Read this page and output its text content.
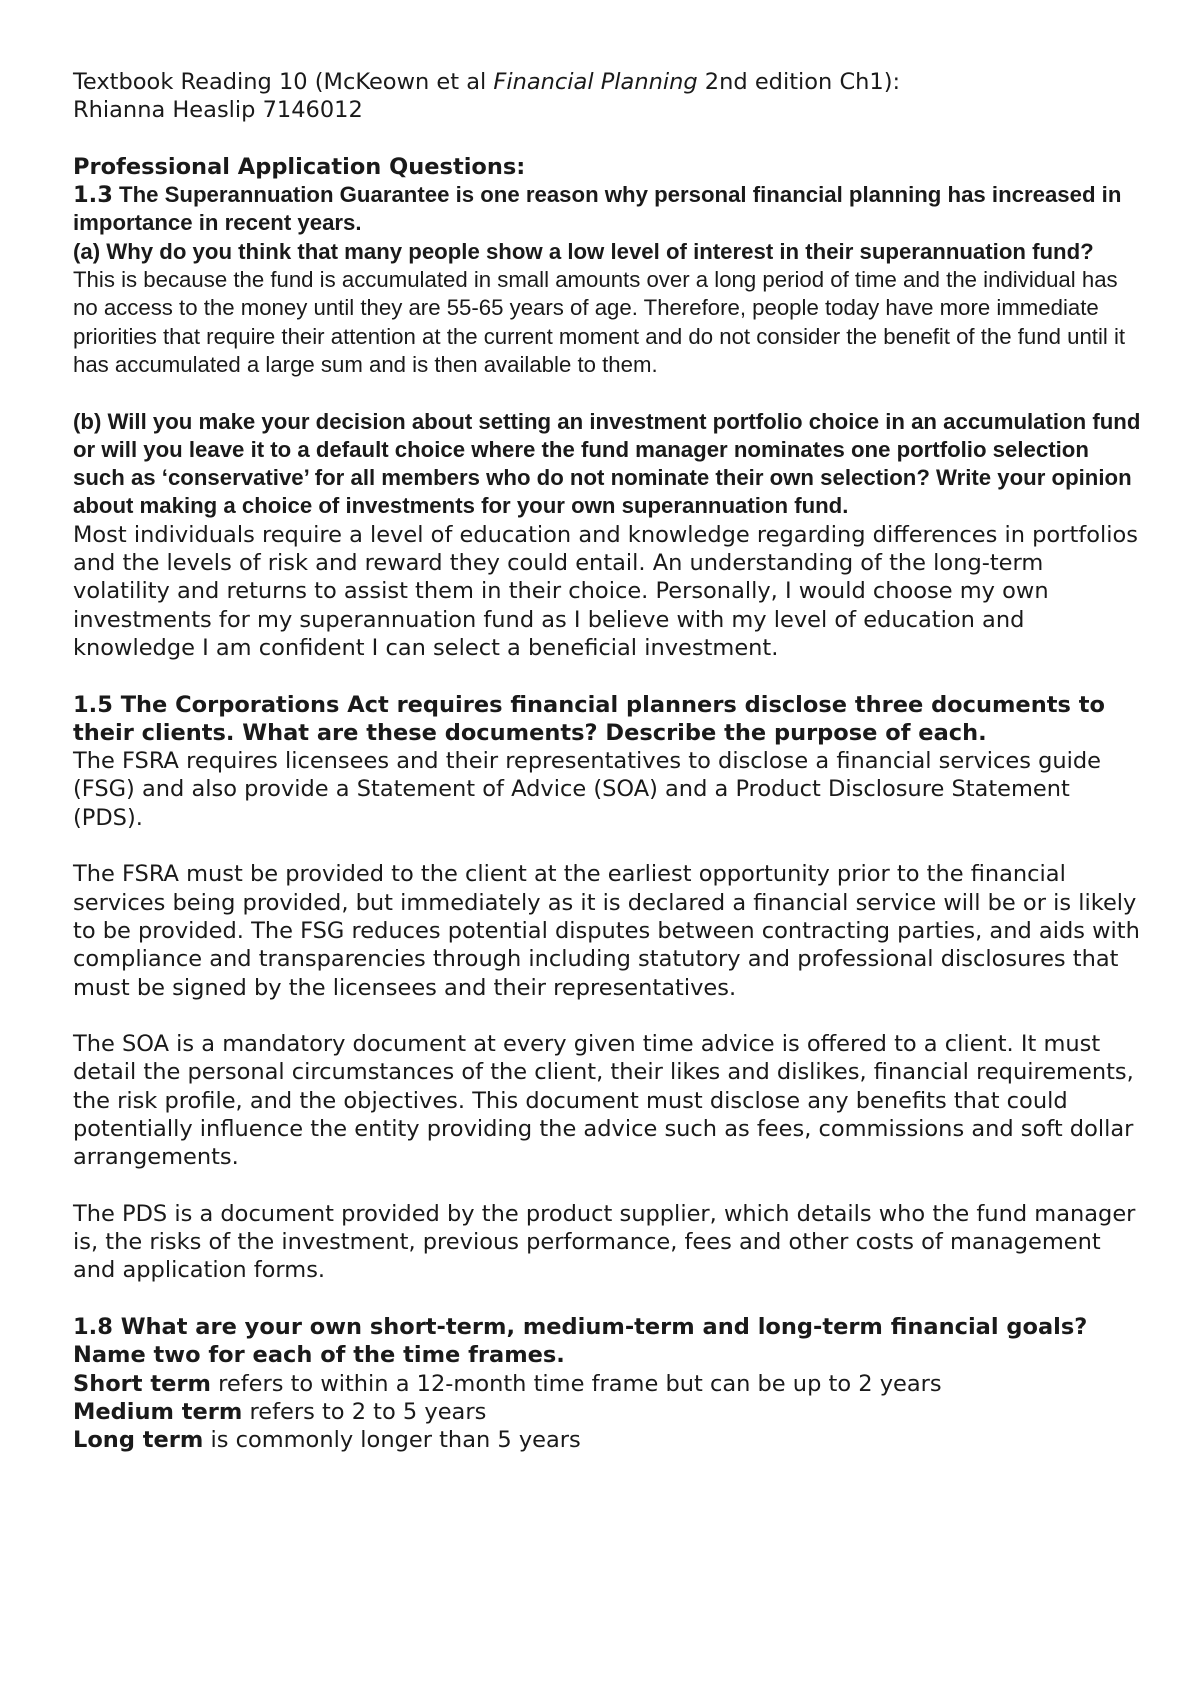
Textbook Reading 10 (McKeown et al Financial Planning 2nd edition Ch1):

Rhianna Heaslip 7146012

Professional Application Questions:

1.3 The Superannuation Guarantee is one reason why personal financial planning has increased in importance in recent years.

(a) Why do you think that many people show a low level of interest in their superannuation fund?

This is because the fund is accumulated in small amounts over a long period of time and the individual has no access to the money until they are 55-65 years of age. Therefore, people today have more immediate priorities that require their attention at the current moment and do not consider the benefit of the fund until it has accumulated a large sum and is then available to them.

(b) Will you make your decision about setting an investment portfolio choice in an accumulation fund or will you leave it to a default choice where the fund manager nominates one portfolio selection such as ‘conservative’ for all members who do not nominate their own selection? Write your opinion about making a choice of investments for your own superannuation fund.

Most individuals require a level of education and knowledge regarding differences in portfolios and the levels of risk and reward they could entail. An understanding of the long-term volatility and returns to assist them in their choice. Personally, I would choose my own investments for my superannuation fund as I believe with my level of education and knowledge I am confident I can select a beneficial investment.

1.5 The Corporations Act requires financial planners disclose three documents to their clients. What are these documents? Describe the purpose of each.

The FSRA requires licensees and their representatives to disclose a financial services guide (FSG) and also provide a Statement of Advice (SOA) and a Product Disclosure Statement (PDS).

The FSRA must be provided to the client at the earliest opportunity prior to the financial services being provided, but immediately as it is declared a financial service will be or is likely to be provided. The FSG reduces potential disputes between contracting parties, and aids with compliance and transparencies through including statutory and professional disclosures that must be signed by the licensees and their representatives.

The SOA is a mandatory document at every given time advice is offered to a client. It must detail the personal circumstances of the client, their likes and dislikes, financial requirements, the risk profile, and the objectives. This document must disclose any benefits that could potentially influence the entity providing the advice such as fees, commissions and soft dollar arrangements.

The PDS is a document provided by the product supplier, which details who the fund manager is, the risks of the investment, previous performance, fees and other costs of management and application forms.

1.8 What are your own short-term, medium-term and long-term financial goals? Name two for each of the time frames.

Short term refers to within a 12-month time frame but can be up to 2 years

Medium term refers to 2 to 5 years

Long term is commonly longer than 5 years
